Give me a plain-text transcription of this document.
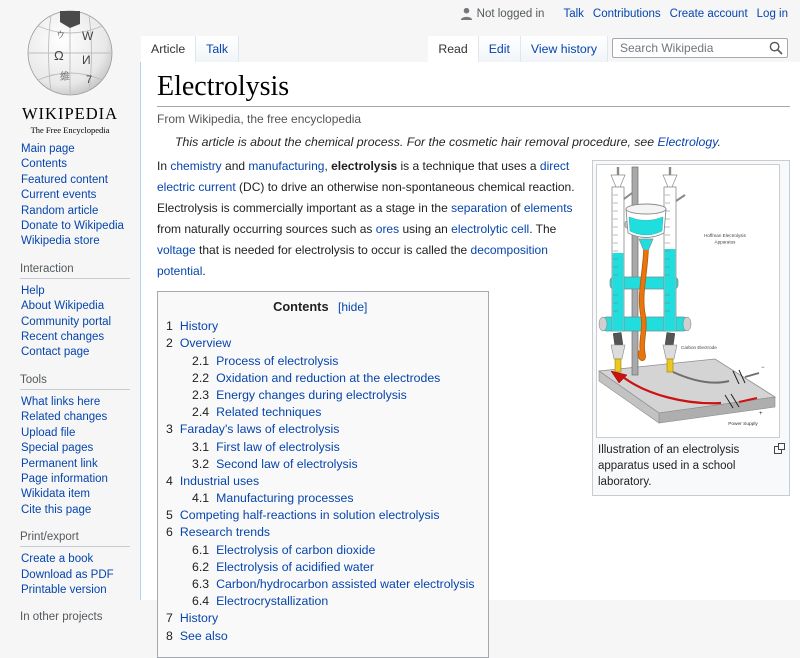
Not logged in Talk Contributions Create account Log in
ウ W
Ω И
維 7
WIKIPEDIA
The Free Encyclopedia
Main page
Contents
Featured content
Current events
Random article
Donate to Wikipedia
Wikipedia store
Interaction
Help
About Wikipedia
Community portal
Recent changes
Contact page
Tools
What links here
Related changes
Upload file
Special pages
Permanent link
Page information
Wikidata item
Cite this page
Print/export
Create a book
Download as PDF
Printable version
In other projects
Article	Talk	Read	Edit	View history
Search Wikipedia
Electrolysis
From Wikipedia, the free encyclopedia
This article is about the chemical process. For the cosmetic hair removal procedure, see Electrology.
Hoffman Electrolysis
Apparatus
Carbon Electrode
−
+
Power Supply
Illustration of an electrolysis apparatus used in a school laboratory.

In chemistry and manufacturing, electrolysis is a technique that uses a direct electric current (DC) to drive an otherwise non-spontaneous chemical reaction. Electrolysis is commercially important as a stage in the separation of elements from naturally occurring sources such as ores using an electrolytic cell. The voltage that is needed for electrolysis to occur is called the decomposition potential.

Contents [hide]
1 History
2 Overview
2.1 Process of electrolysis
2.2 Oxidation and reduction at the electrodes
2.3 Energy changes during electrolysis
2.4 Related techniques
3 Faraday's laws of electrolysis
3.1 First law of electrolysis
3.2 Second law of electrolysis
4 Industrial uses
4.1 Manufacturing processes
5 Competing half-reactions in solution electrolysis
6 Research trends
6.1 Electrolysis of carbon dioxide
6.2 Electrolysis of acidified water
6.3 Carbon/hydrocarbon assisted water electrolysis
6.4 Electrocrystallization
7 History
8 See also
